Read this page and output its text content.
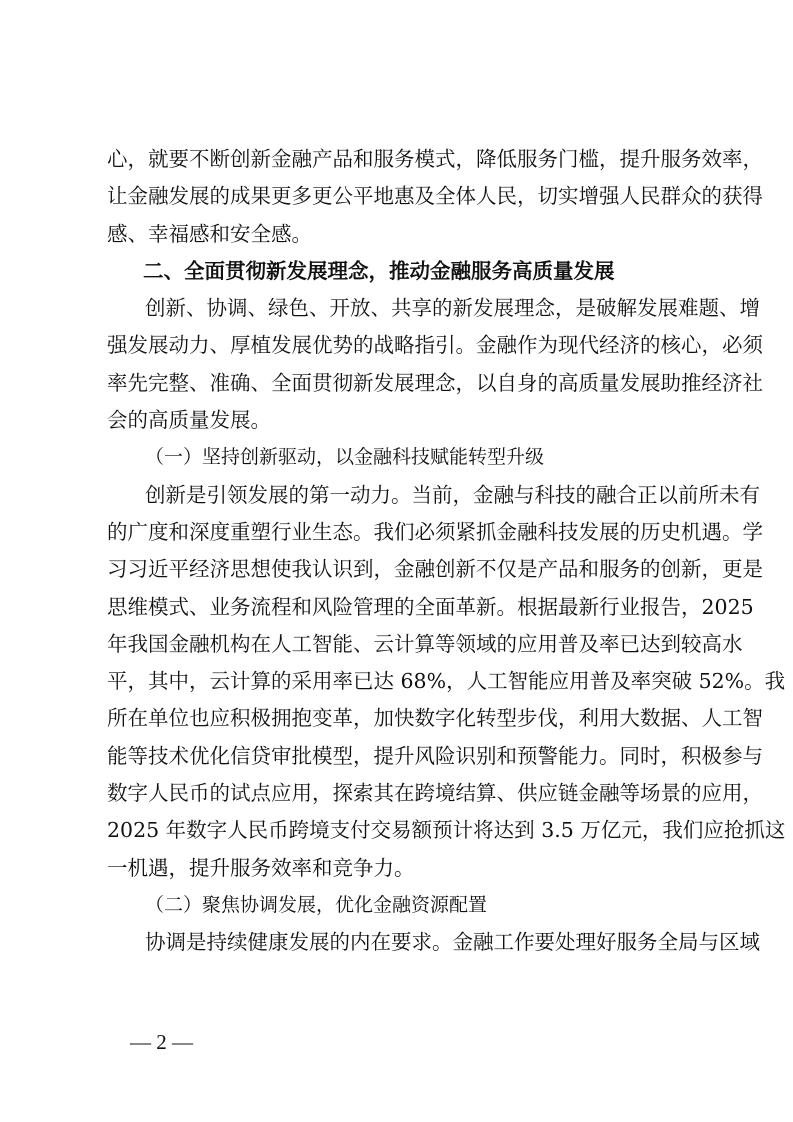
心，就要不断创新金融产品和服务模式，降低服务门槛，提升服务效率，
让金融发展的成果更多更公平地惠及全体人民，切实增强人民群众的获得
感、幸福感和安全感。
二、全面贯彻新发展理念，推动金融服务高质量发展
创新、协调、绿色、开放、共享的新发展理念，是破解发展难题、增
强发展动力、厚植发展优势的战略指引。金融作为现代经济的核心，必须
率先完整、准确、全面贯彻新发展理念，以自身的高质量发展助推经济社
会的高质量发展。
（一）坚持创新驱动，以金融科技赋能转型升级
创新是引领发展的第一动力。当前，金融与科技的融合正以前所未有
的广度和深度重塑行业生态。我们必须紧抓金融科技发展的历史机遇。学
习习近平经济思想使我认识到，金融创新不仅是产品和服务的创新，更是
思维模式、业务流程和风险管理的全面革新。根据最新行业报告，2025
年我国金融机构在人工智能、云计算等领域的应用普及率已达到较高水
平，其中，云计算的采用率已达 68%，人工智能应用普及率突破 52%。我
所在单位也应积极拥抱变革，加快数字化转型步伐，利用大数据、人工智
能等技术优化信贷审批模型，提升风险识别和预警能力。同时，积极参与
数字人民币的试点应用，探索其在跨境结算、供应链金融等场景的应用，
2025 年数字人民币跨境支付交易额预计将达到 3.5 万亿元，我们应抢抓这
一机遇，提升服务效率和竞争力。
（二）聚焦协调发展，优化金融资源配置
协调是持续健康发展的内在要求。金融工作要处理好服务全局与区域
— 2 —
